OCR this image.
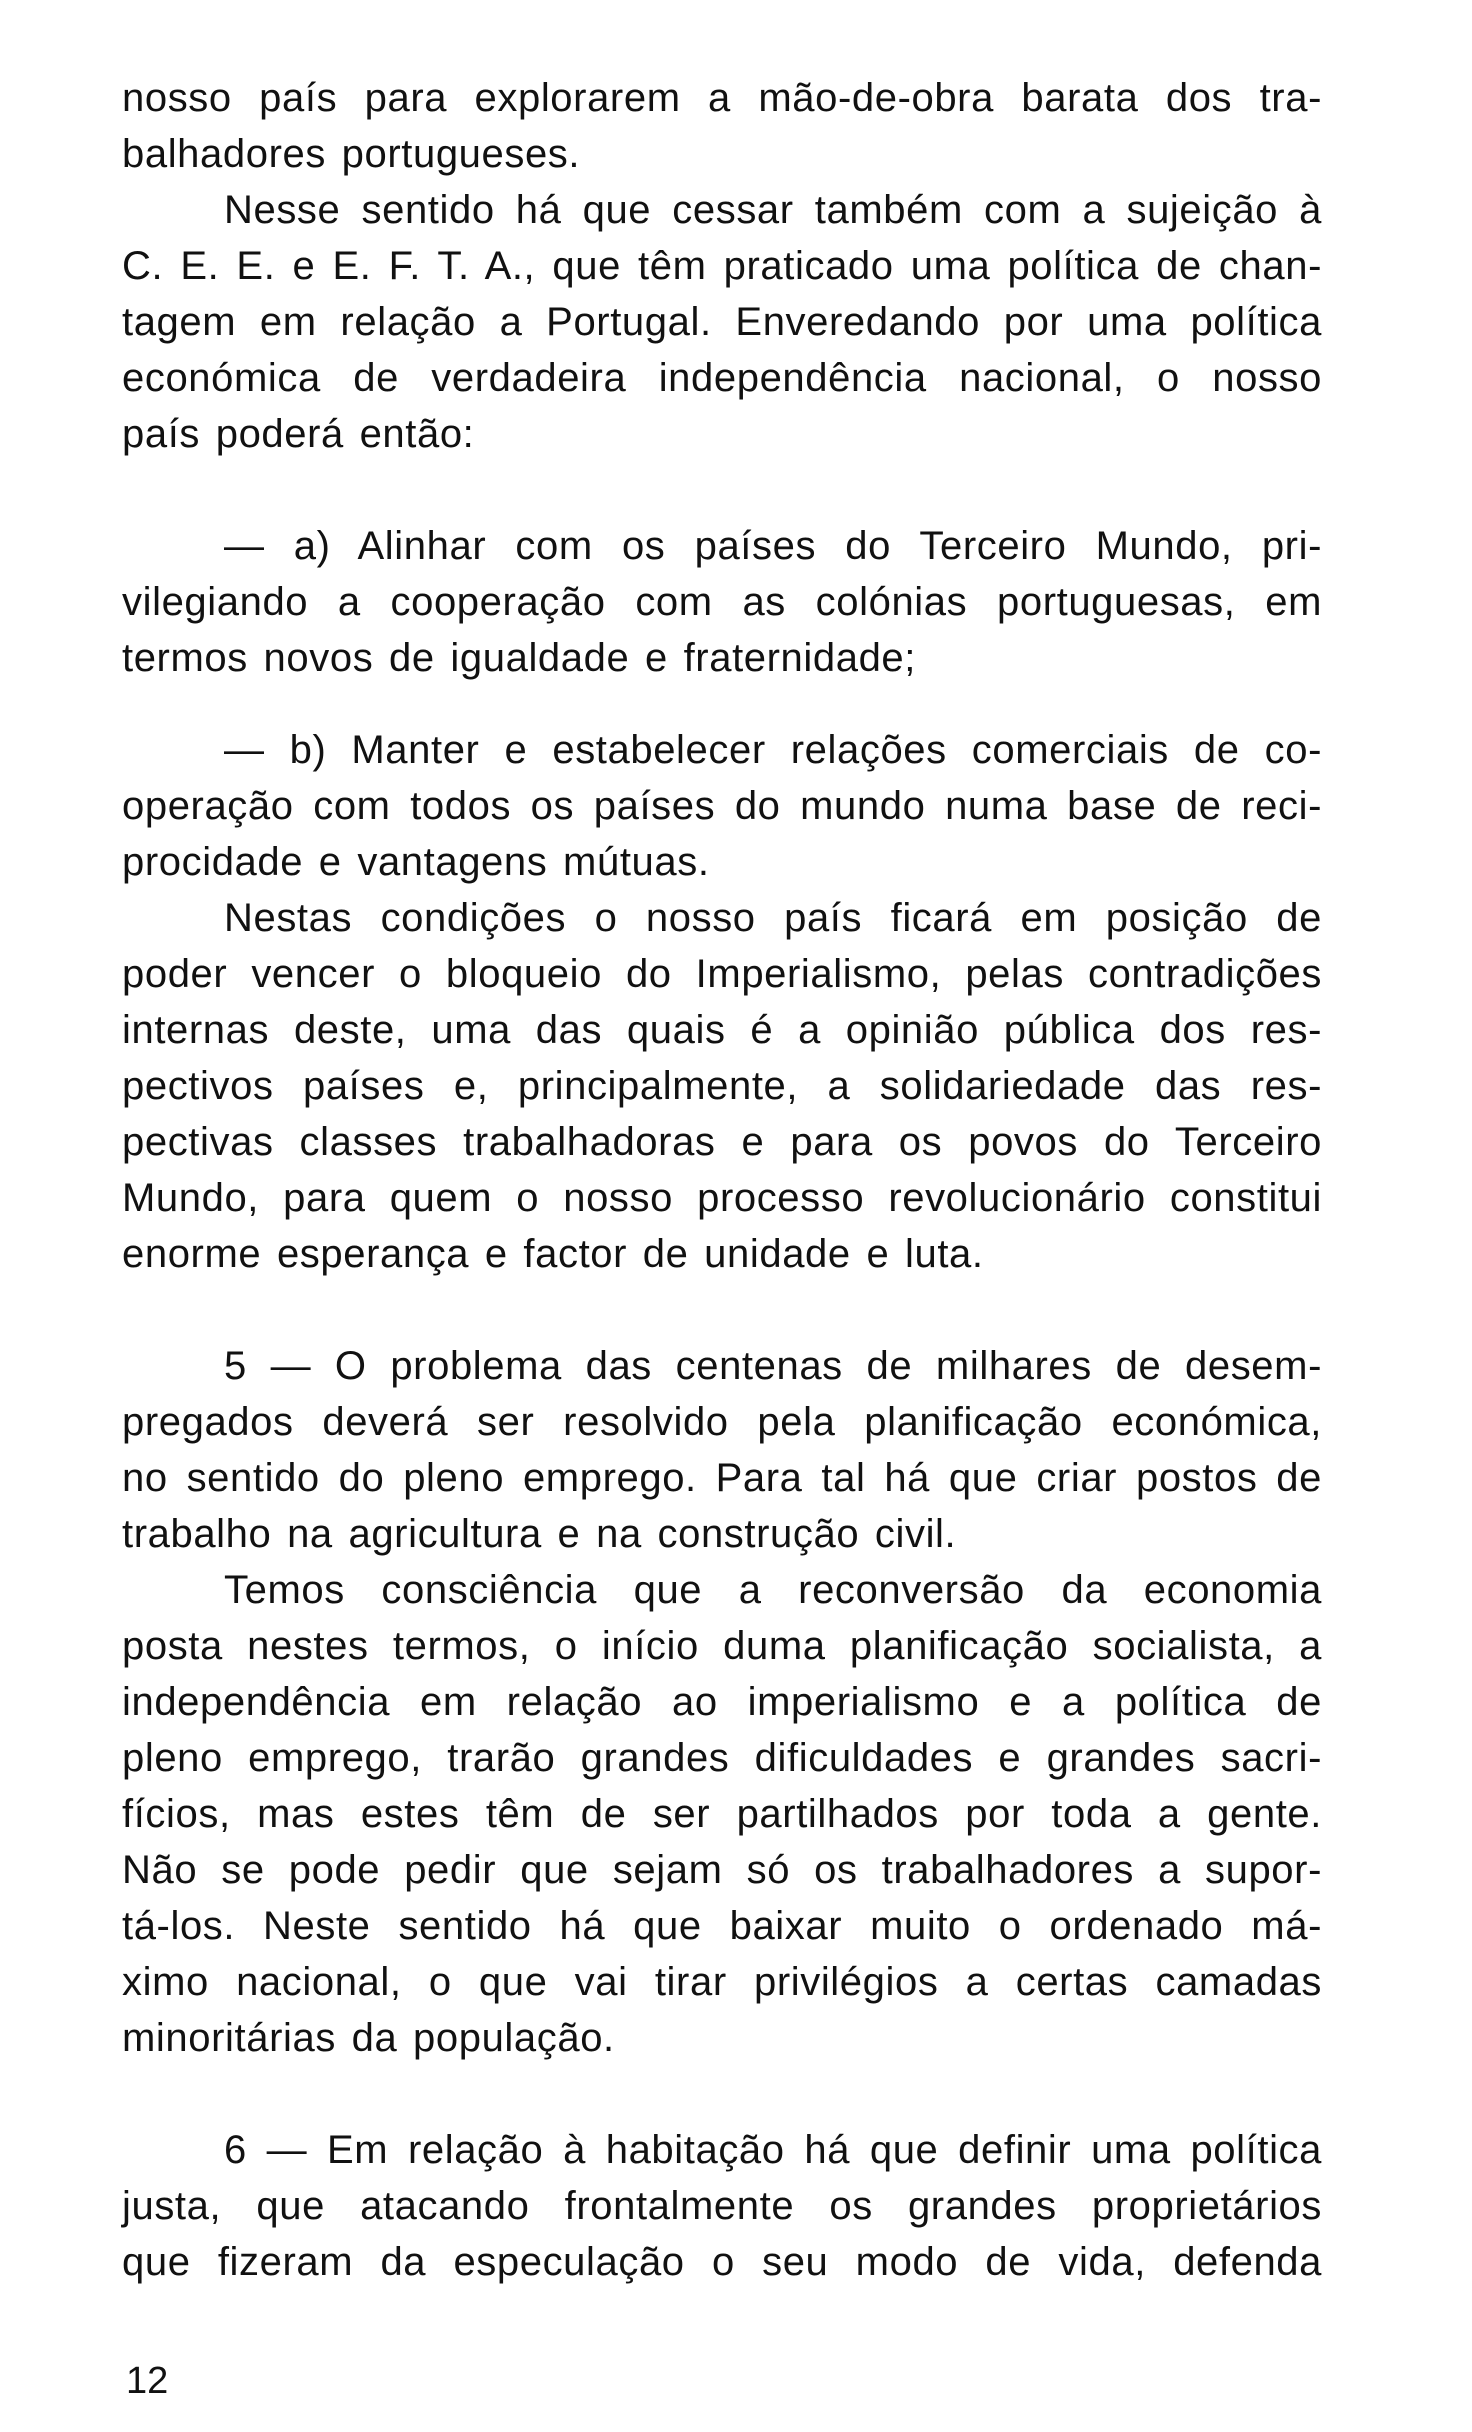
nosso país para explorarem a mão-de-obra barata dos tra-
balhadores portugueses.
Nesse sentido há que cessar também com a sujeição à
C. E. E. e E. F. T. A., que têm praticado uma política de chan-
tagem em relação a Portugal. Enveredando por uma política
económica de verdadeira independência nacional, o nosso
país poderá então:
— a) Alinhar com os países do Terceiro Mundo, pri-
vilegiando a cooperação com as colónias portuguesas, em
termos novos de igualdade e fraternidade;
— b) Manter e estabelecer relações comerciais de co-
operação com todos os países do mundo numa base de reci-
procidade e vantagens mútuas.
Nestas condições o nosso país ficará em posição de
poder vencer o bloqueio do Imperialismo, pelas contradições
internas deste, uma das quais é a opinião pública dos res-
pectivos países e, principalmente, a solidariedade das res-
pectivas classes trabalhadoras e para os povos do Terceiro
Mundo, para quem o nosso processo revolucionário constitui
enorme esperança e factor de unidade e luta.
5 — O problema das centenas de milhares de desem-
pregados deverá ser resolvido pela planificação económica,
no sentido do pleno emprego. Para tal há que criar postos de
trabalho na agricultura e na construção civil.
Temos consciência que a reconversão da economia
posta nestes termos, o início duma planificação socialista, a
independência em relação ao imperialismo e a política de
pleno emprego, trarão grandes dificuldades e grandes sacri-
fícios, mas estes têm de ser partilhados por toda a gente.
Não se pode pedir que sejam só os trabalhadores a supor-
tá-los. Neste sentido há que baixar muito o ordenado má-
ximo nacional, o que vai tirar privilégios a certas camadas
minoritárias da população.
6 — Em relação à habitação há que definir uma política
justa, que atacando frontalmente os grandes proprietários
que fizeram da especulação o seu modo de vida, defenda
12
